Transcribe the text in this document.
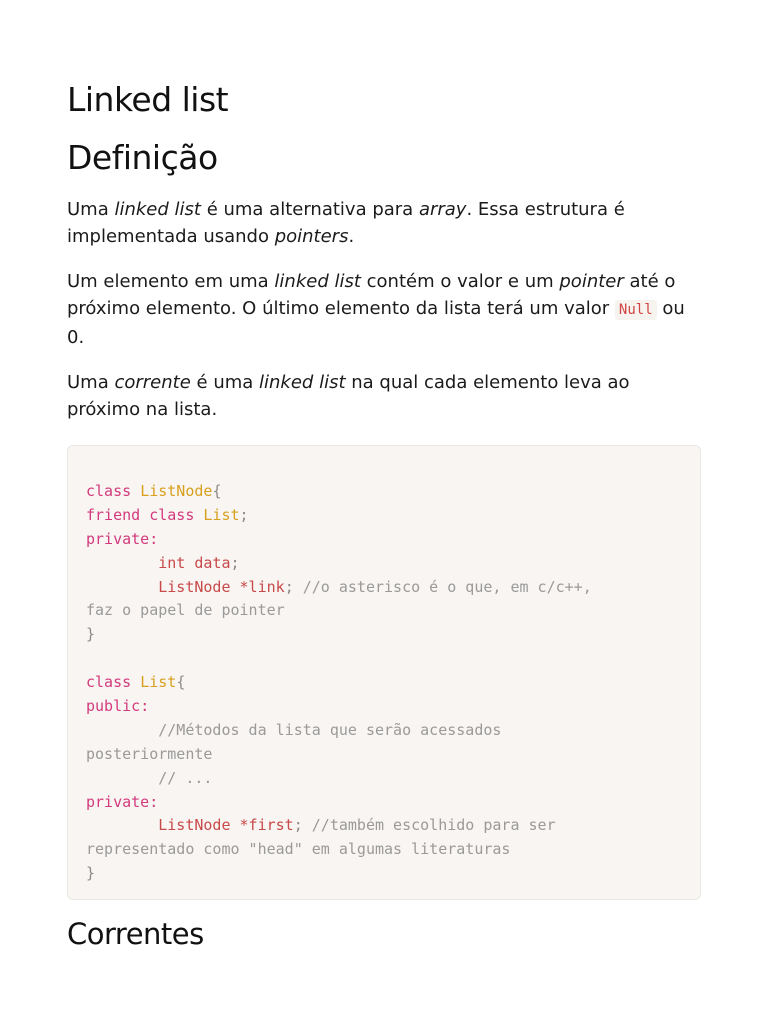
Linked list
Definição

Uma linked list é uma alternativa para array. Essa estrutura é implementada usando pointers.

Um elemento em uma linked list contém o valor e um pointer até o próximo elemento. O último elemento da lista terá um valor Null ou 0.

Uma corrente é uma linked list na qual cada elemento leva ao próximo na lista.

class ListNode{
friend class List;
private:
int data;
ListNode *link; //o asterisco é o que, em c/c++,
faz o papel de pointer
}

class List{
public:
//Métodos da lista que serão acessados
posteriormente
// ...
private:
ListNode *first; //também escolhido para ser
representado como "head" em algumas literaturas
}
Correntes
